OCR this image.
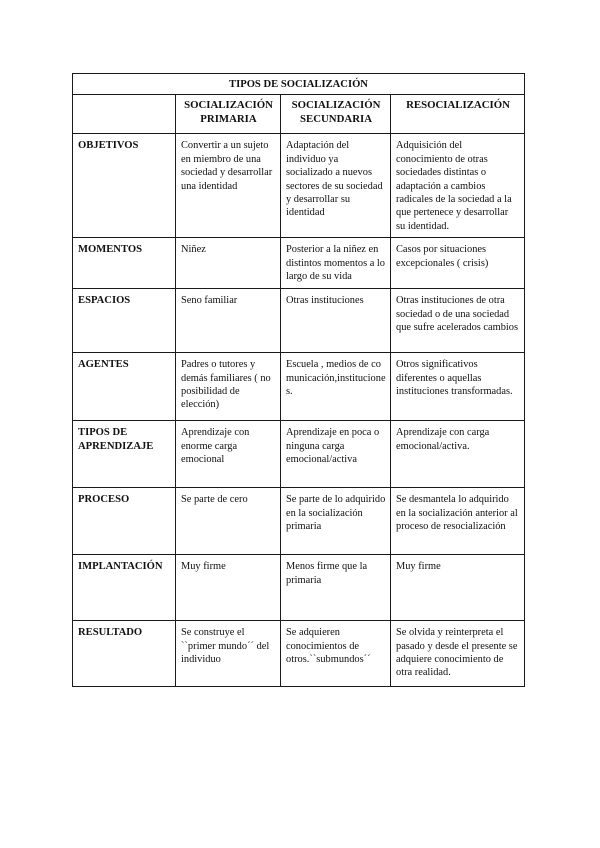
TIPOS DE SOCIALIZACIÓN			
	SOCIALIZACIÓN PRIMARIA	SOCIALIZACIÓN SECUNDARIA	RESOCIALIZACIÓN
OBJETIVOS	Convertir a un sujeto en miembro de una sociedad y desarrollar una identidad	Adaptación del individuo ya socializado a nuevos sectores de su sociedad y desarrollar su identidad	Adquisición del conocimiento de otras sociedades distintas o adaptación a cambios radicales de la sociedad a la que pertenece y desarrollar su identidad.
MOMENTOS	Niñez	Posterior a la niñez en distintos momentos a lo largo de su vida	Casos por situaciones excepcionales ( crisis)
ESPACIOS	Seno familiar	Otras instituciones	Otras instituciones de otra sociedad o de una sociedad que sufre acelerados cambios
AGENTES	Padres o tutores y demás familiares ( no posibilidad de elección)	Escuela , medios de comunicación,instituciones.	Otros significativos diferentes o aquellas instituciones transformadas.
TIPOS DE APRENDIZAJE	Aprendizaje con enorme carga emocional	Aprendizaje en poca o ninguna carga emocional/activa	Aprendizaje con carga emocional/activa.
PROCESO	Se parte de cero	Se parte de lo adquirido en la socialización primaria	Se desmantela lo adquirido en la socialización anterior al proceso de resocialización
IMPLANTACIÓN	Muy firme	Menos firme que la primaria	Muy firme
RESULTADO	Se construye el ``primer mundo´´ del individuo	Se adquieren conocimientos de otros.``submundos´´	Se olvida y reinterpreta el pasado y desde el presente se adquiere conocimiento de otra realidad.
